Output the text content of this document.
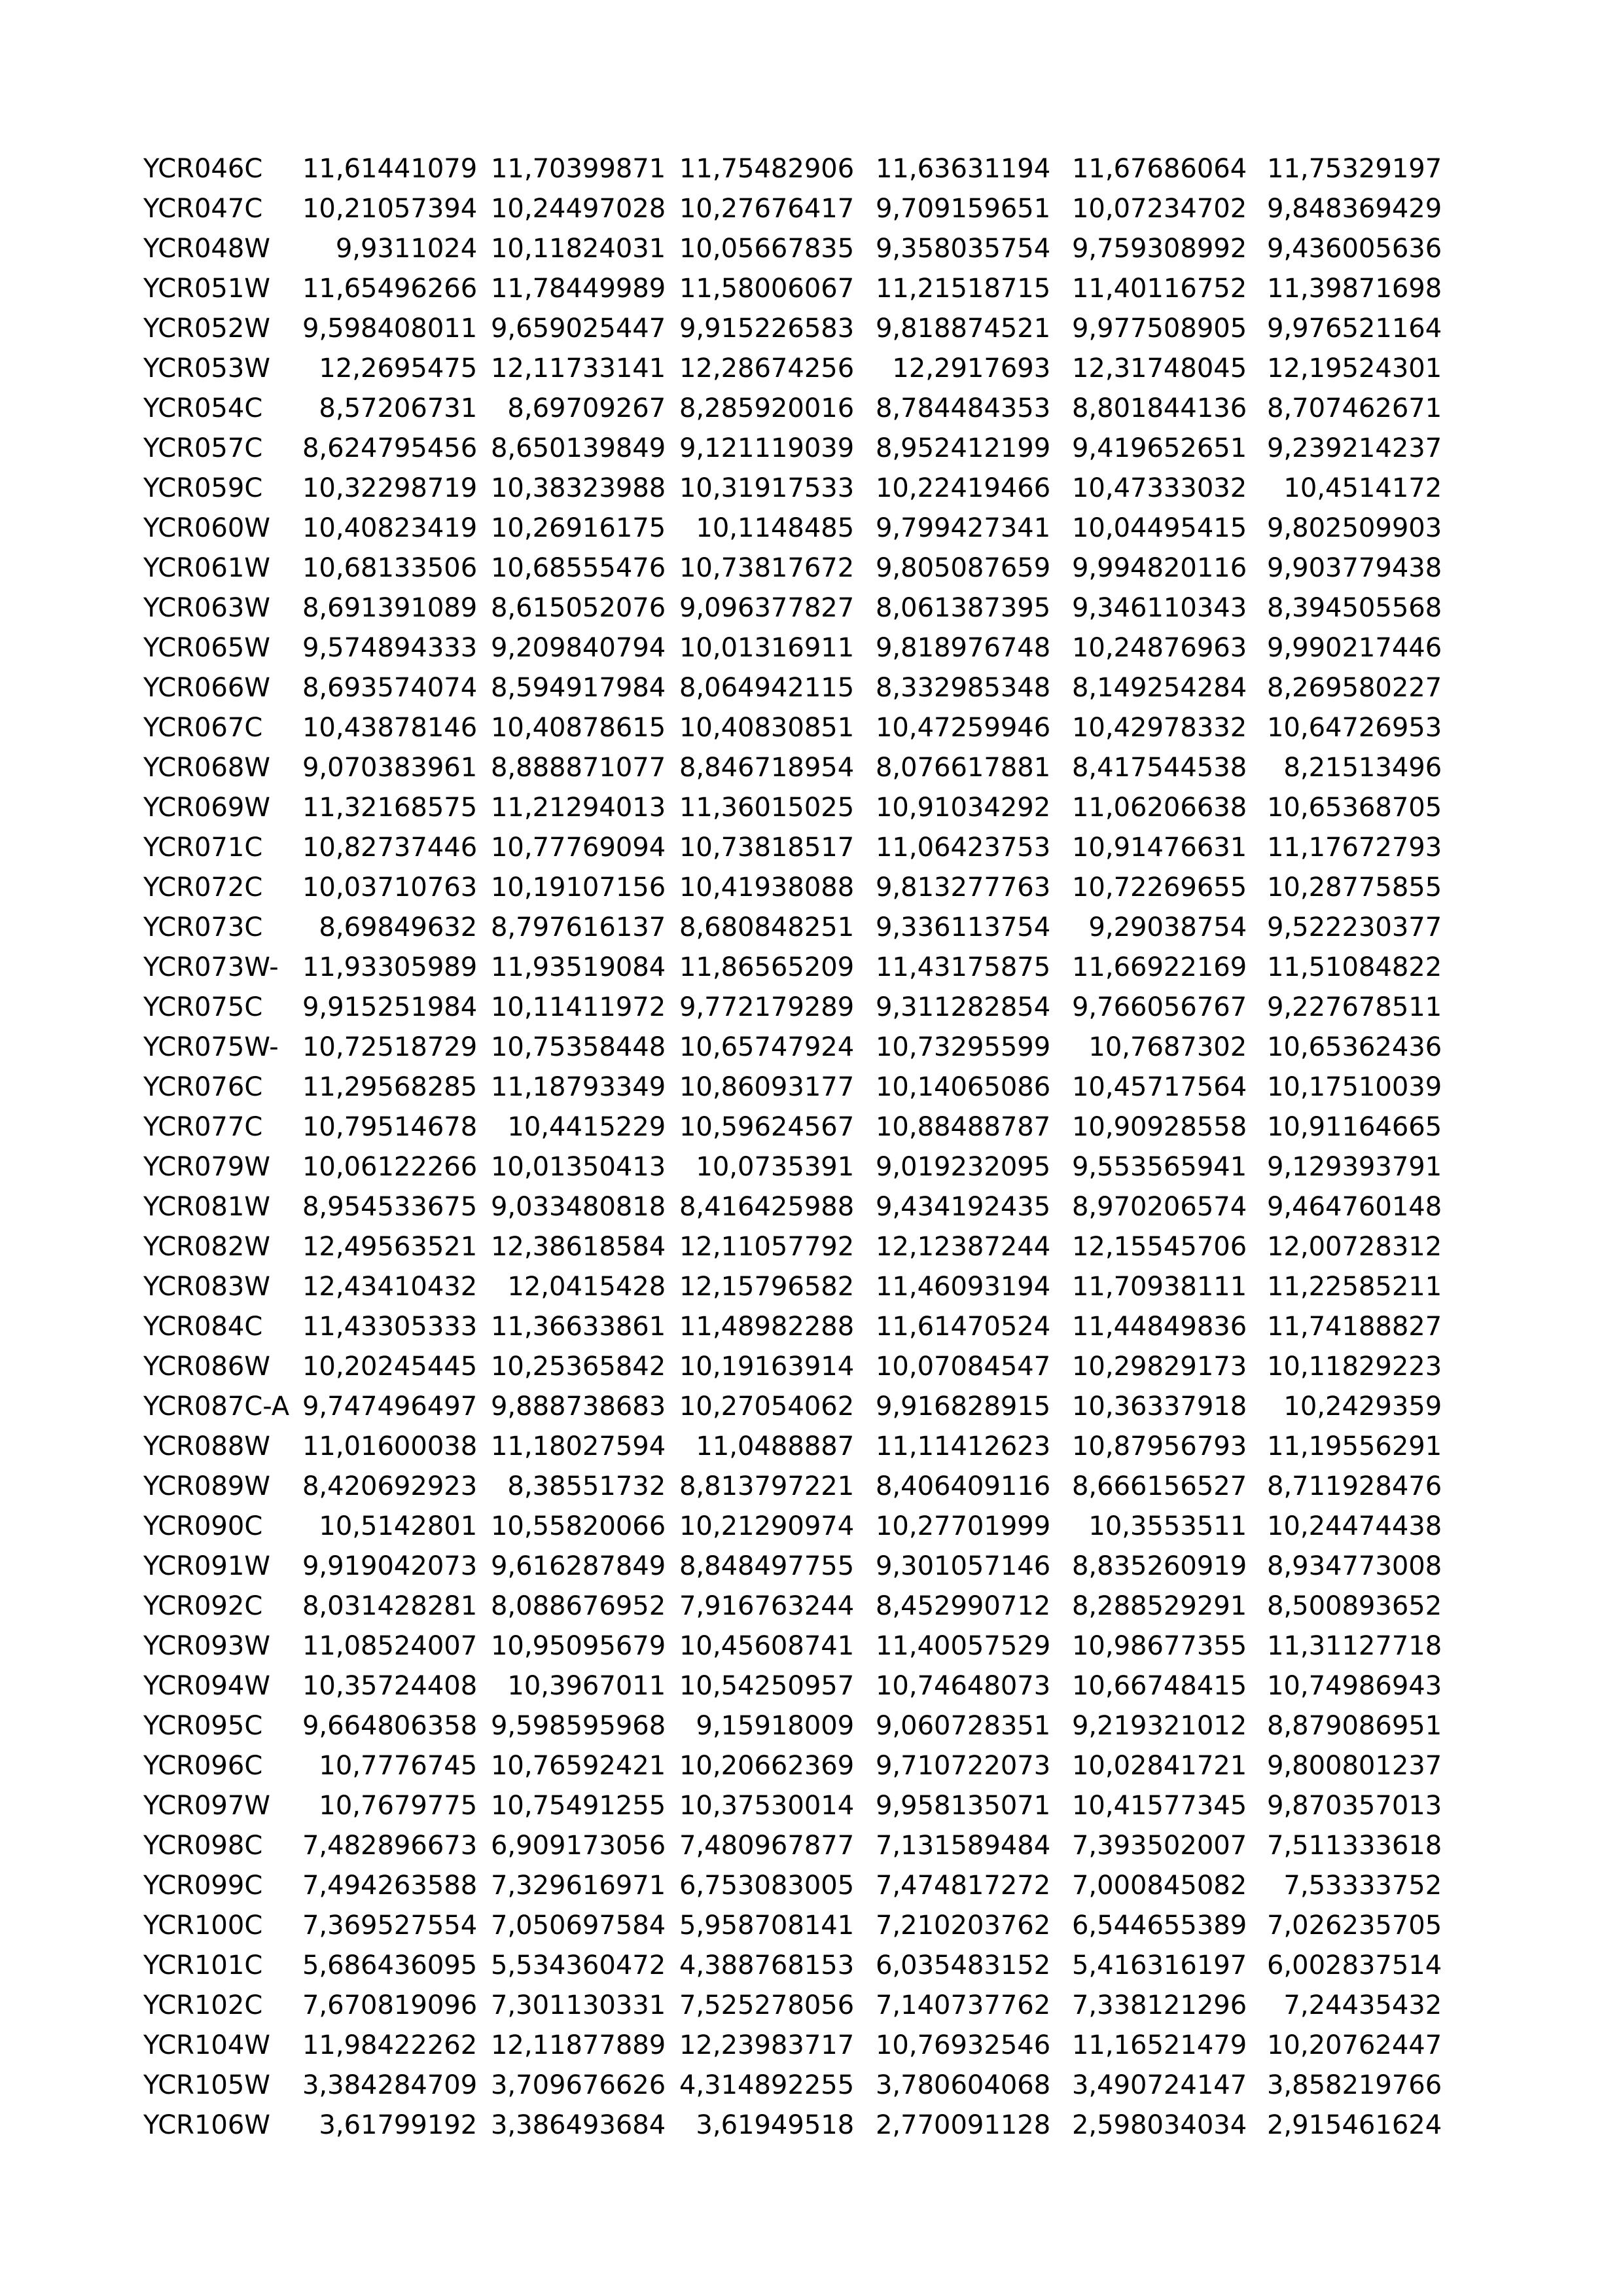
YCR046C	11,61441079	11,70399871	11,75482906	11,63631194	11,67686064	11,75329197
YCR047C	10,21057394	10,24497028	10,27676417	9,709159651	10,07234702	9,848369429
YCR048W	9,9311024	10,11824031	10,05667835	9,358035754	9,759308992	9,436005636
YCR051W	11,65496266	11,78449989	11,58006067	11,21518715	11,40116752	11,39871698
YCR052W	9,598408011	9,659025447	9,915226583	9,818874521	9,977508905	9,976521164
YCR053W	12,2695475	12,11733141	12,28674256	12,2917693	12,31748045	12,19524301
YCR054C	8,57206731	8,69709267	8,285920016	8,784484353	8,801844136	8,707462671
YCR057C	8,624795456	8,650139849	9,121119039	8,952412199	9,419652651	9,239214237
YCR059C	10,32298719	10,38323988	10,31917533	10,22419466	10,47333032	10,4514172
YCR060W	10,40823419	10,26916175	10,1148485	9,799427341	10,04495415	9,802509903
YCR061W	10,68133506	10,68555476	10,73817672	9,805087659	9,994820116	9,903779438
YCR063W	8,691391089	8,615052076	9,096377827	8,061387395	9,346110343	8,394505568
YCR065W	9,574894333	9,209840794	10,01316911	9,818976748	10,24876963	9,990217446
YCR066W	8,693574074	8,594917984	8,064942115	8,332985348	8,149254284	8,269580227
YCR067C	10,43878146	10,40878615	10,40830851	10,47259946	10,42978332	10,64726953
YCR068W	9,070383961	8,888871077	8,846718954	8,076617881	8,417544538	8,21513496
YCR069W	11,32168575	11,21294013	11,36015025	10,91034292	11,06206638	10,65368705
YCR071C	10,82737446	10,77769094	10,73818517	11,06423753	10,91476631	11,17672793
YCR072C	10,03710763	10,19107156	10,41938088	9,813277763	10,72269655	10,28775855
YCR073C	8,69849632	8,797616137	8,680848251	9,336113754	9,29038754	9,522230377
YCR073W-	11,93305989	11,93519084	11,86565209	11,43175875	11,66922169	11,51084822
YCR075C	9,915251984	10,11411972	9,772179289	9,311282854	9,766056767	9,227678511
YCR075W-	10,72518729	10,75358448	10,65747924	10,73295599	10,7687302	10,65362436
YCR076C	11,29568285	11,18793349	10,86093177	10,14065086	10,45717564	10,17510039
YCR077C	10,79514678	10,4415229	10,59624567	10,88488787	10,90928558	10,91164665
YCR079W	10,06122266	10,01350413	10,0735391	9,019232095	9,553565941	9,129393791
YCR081W	8,954533675	9,033480818	8,416425988	9,434192435	8,970206574	9,464760148
YCR082W	12,49563521	12,38618584	12,11057792	12,12387244	12,15545706	12,00728312
YCR083W	12,43410432	12,0415428	12,15796582	11,46093194	11,70938111	11,22585211
YCR084C	11,43305333	11,36633861	11,48982288	11,61470524	11,44849836	11,74188827
YCR086W	10,20245445	10,25365842	10,19163914	10,07084547	10,29829173	10,11829223
YCR087C-A	9,747496497	9,888738683	10,27054062	9,916828915	10,36337918	10,2429359
YCR088W	11,01600038	11,18027594	11,0488887	11,11412623	10,87956793	11,19556291
YCR089W	8,420692923	8,38551732	8,813797221	8,406409116	8,666156527	8,711928476
YCR090C	10,5142801	10,55820066	10,21290974	10,27701999	10,3553511	10,24474438
YCR091W	9,919042073	9,616287849	8,848497755	9,301057146	8,835260919	8,934773008
YCR092C	8,031428281	8,088676952	7,916763244	8,452990712	8,288529291	8,500893652
YCR093W	11,08524007	10,95095679	10,45608741	11,40057529	10,98677355	11,31127718
YCR094W	10,35724408	10,3967011	10,54250957	10,74648073	10,66748415	10,74986943
YCR095C	9,664806358	9,598595968	9,15918009	9,060728351	9,219321012	8,879086951
YCR096C	10,7776745	10,76592421	10,20662369	9,710722073	10,02841721	9,800801237
YCR097W	10,7679775	10,75491255	10,37530014	9,958135071	10,41577345	9,870357013
YCR098C	7,482896673	6,909173056	7,480967877	7,131589484	7,393502007	7,511333618
YCR099C	7,494263588	7,329616971	6,753083005	7,474817272	7,000845082	7,53333752
YCR100C	7,369527554	7,050697584	5,958708141	7,210203762	6,544655389	7,026235705
YCR101C	5,686436095	5,534360472	4,388768153	6,035483152	5,416316197	6,002837514
YCR102C	7,670819096	7,301130331	7,525278056	7,140737762	7,338121296	7,24435432
YCR104W	11,98422262	12,11877889	12,23983717	10,76932546	11,16521479	10,20762447
YCR105W	3,384284709	3,709676626	4,314892255	3,780604068	3,490724147	3,858219766
YCR106W	3,61799192	3,386493684	3,61949518	2,770091128	2,598034034	2,915461624
